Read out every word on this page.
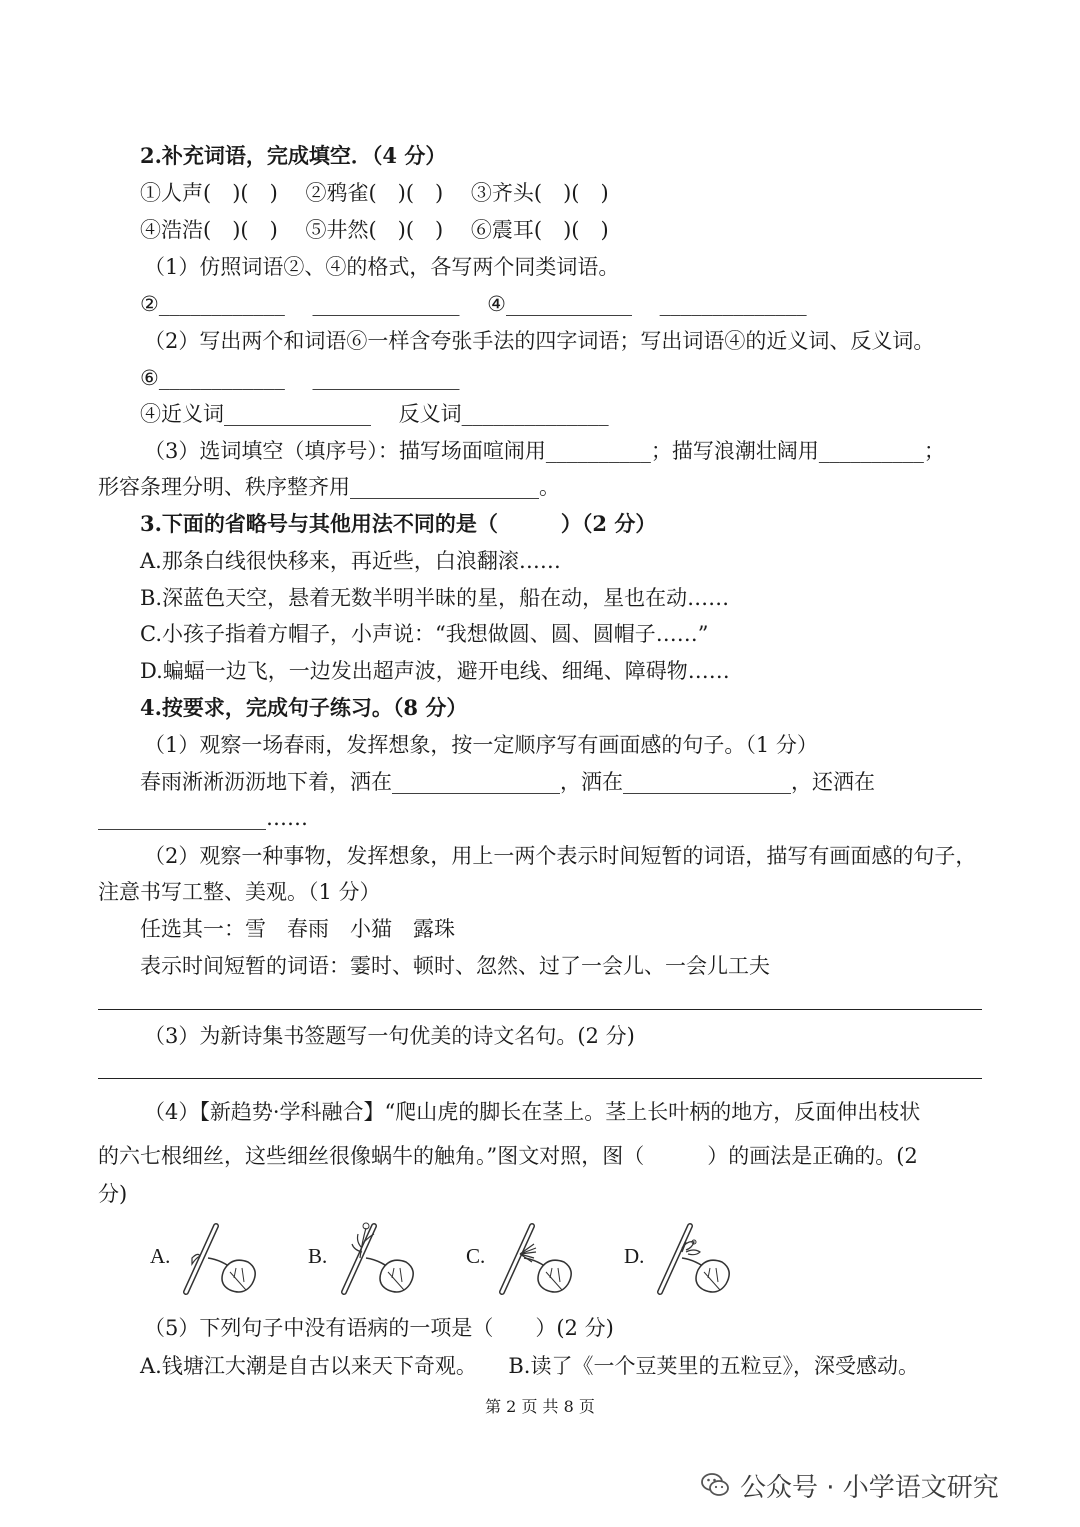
2.补充词语，完成填空．（4 分）
①人声(　)(　)　 ②鸦雀(　)(　)　 ③齐头(　)(　)
④浩浩(　)(　)　 ⑤井然(　)(　)　 ⑥震耳(　)(　)
（1）仿照词语②、④的格式，各写两个同类词语。
②____________　 ______________　 ④____________　 ______________
（2）写出两个和词语⑥一样含夸张手法的四字词语；写出词语④的近义词、反义词。
⑥____________　 ______________
④近义词______________　 反义词______________
（3）选词填空（填序号）：描写场面喧闹用__________；描写浪潮壮阔用__________；
形容条理分明、秩序整齐用__________________。
3.下面的省略号与其他用法不同的是（　　　）（2 分）
A.那条白线很快移来，再近些，白浪翻滚……
B.深蓝色天空，悬着无数半明半昧的星，船在动，星也在动……
C.小孩子指着方帽子，小声说：“我想做圆、圆、圆帽子……”
D.蝙蝠一边飞，一边发出超声波，避开电线、细绳、障碍物……
4.按要求，完成句子练习。（8 分）
（1）观察一场春雨，发挥想象，按一定顺序写有画面感的句子。（1 分）
春雨淅淅沥沥地下着，洒在________________，洒在________________，还洒在
________________……
（2）观察一种事物，发挥想象，用上一两个表示时间短暂的词语，描写有画面感的句子，
注意书写工整、美观。（1 分）
任选其一：雪　春雨　小猫　露珠
表示时间短暂的词语：霎时、顿时、忽然、过了一会儿、一会儿工夫
（3）为新诗集书签题写一句优美的诗文名句。(2 分)
（4）【新趋势·学科融合】“爬山虎的脚长在茎上。茎上长叶柄的地方，反面伸出枝状
的六七根细丝，这些细丝很像蜗牛的触角。”图文对照，图（　　　）的画法是正确的。(2
分)
A.	B.	C.	D.
（5）下列句子中没有语病的一项是（　　）(2 分)
A.钱塘江大潮是自古以来天下奇观。　　B.读了《一个豆荚里的五粒豆》，深受感动。
第 2 页 共 8 页
公众号 · 小学语文研究
